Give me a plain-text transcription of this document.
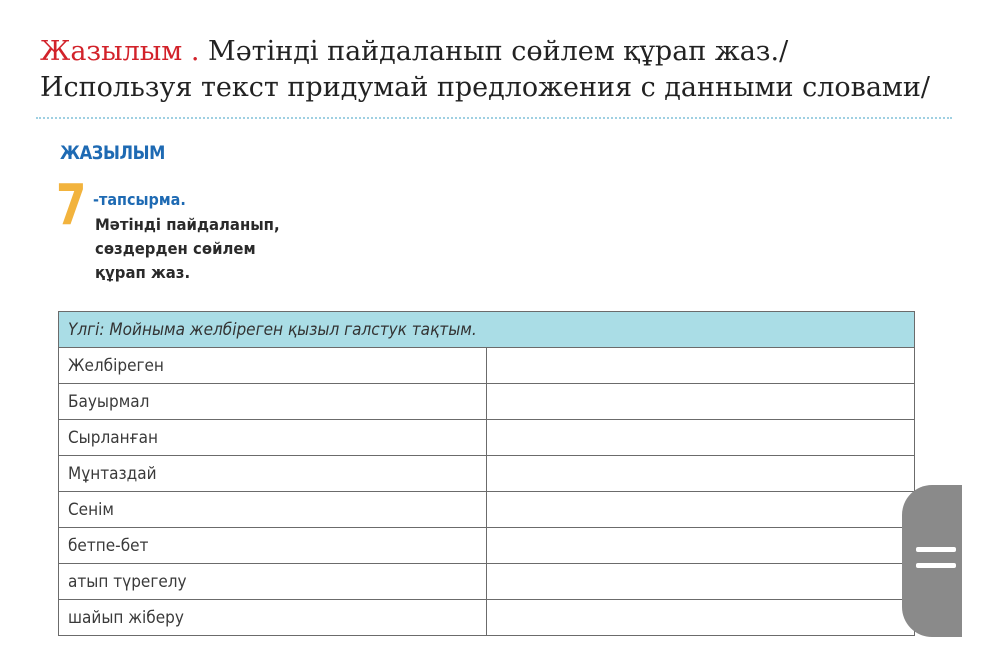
Жазылым . Мәтінді пайдаланып сөйлем құрап жаз./ Используя текст придумай предложения с данными словами/
ЖАЗЫЛЫМ
7 -тапсырма.
Мәтінді пайдаланып, сөздерден сөйлем құрап жаз.
Үлгі: Мойныма желбіреген қызыл галстук тақтым.	
Желбіреген	
Бауырмал	
Сырланған	
Мұнтаздай	
Сенім	
бетпе-бет	
атып түрегелу	
шайып жіберу	
